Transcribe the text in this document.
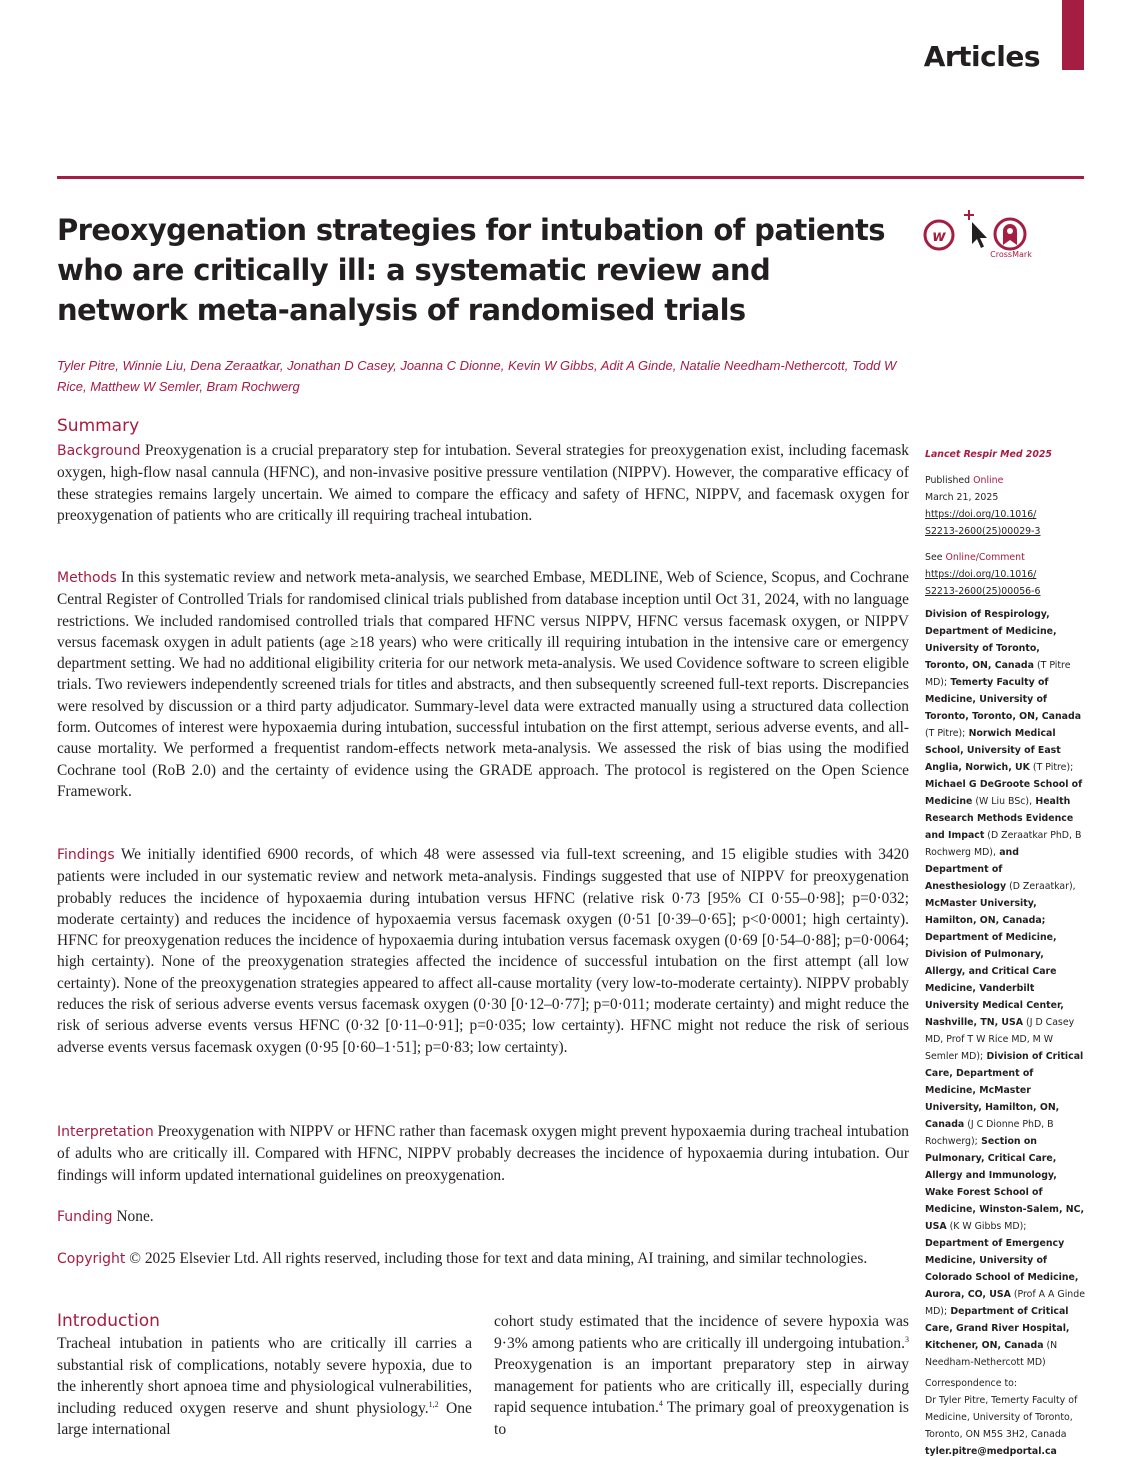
Articles
Preoxygenation strategies for intubation of patients who are critically ill: a systematic review and network meta-analysis of randomised trials
w
CrossMark

Tyler Pitre, Winnie Liu, Dena Zeraatkar, Jonathan D Casey, Joanna C Dionne, Kevin W Gibbs, Adit A Ginde, Natalie Needham-Nethercott, Todd W Rice, Matthew W Semler, Bram Rochwerg

Summary

Background Preoxygenation is a crucial preparatory step for intubation. Several strategies for preoxygenation exist, including facemask oxygen, high-flow nasal cannula (HFNC), and non-invasive positive pressure ventilation (NIPPV). However, the comparative efficacy of these strategies remains largely uncertain. We aimed to compare the efficacy and safety of HFNC, NIPPV, and facemask oxygen for preoxygenation of patients who are critically ill requiring tracheal intubation.

Methods In this systematic review and network meta-analysis, we searched Embase, MEDLINE, Web of Science, Scopus, and Cochrane Central Register of Controlled Trials for randomised clinical trials published from database inception until Oct 31, 2024, with no language restrictions. We included randomised controlled trials that compared HFNC versus NIPPV, HFNC versus facemask oxygen, or NIPPV versus facemask oxygen in adult patients (age ≥18 years) who were critically ill requiring intubation in the intensive care or emergency department setting. We had no additional eligibility criteria for our network meta-analysis. We used Covidence software to screen eligible trials. Two reviewers independently screened trials for titles and abstracts, and then subsequently screened full-text reports. Discrepancies were resolved by discussion or a third party adjudicator. Summary-level data were extracted manually using a structured data collection form. Outcomes of interest were hypoxaemia during intubation, successful intubation on the first attempt, serious adverse events, and all-cause mortality. We performed a frequentist random-effects network meta-analysis. We assessed the risk of bias using the modified Cochrane tool (RoB 2.0) and the certainty of evidence using the GRADE approach. The protocol is registered on the Open Science Framework.

Findings We initially identified 6900 records, of which 48 were assessed via full-text screening, and 15 eligible studies with 3420 patients were included in our systematic review and network meta-analysis. Findings suggested that use of NIPPV for preoxygenation probably reduces the incidence of hypoxaemia during intubation versus HFNC (relative risk 0·73 [95% CI 0·55–0·98]; p=0·032; moderate certainty) and reduces the incidence of hypoxaemia versus facemask oxygen (0·51 [0·39–0·65]; p<0·0001; high certainty). HFNC for preoxygenation reduces the incidence of hypoxaemia during intubation versus facemask oxygen (0·69 [0·54–0·88]; p=0·0064; high certainty). None of the preoxygenation strategies affected the incidence of successful intubation on the first attempt (all low certainty). None of the preoxygenation strategies appeared to affect all-cause mortality (very low-to-moderate certainty). NIPPV probably reduces the risk of serious adverse events versus facemask oxygen (0·30 [0·12–0·77]; p=0·011; moderate certainty) and might reduce the risk of serious adverse events versus HFNC (0·32 [0·11–0·91]; p=0·035; low certainty). HFNC might not reduce the risk of serious adverse events versus facemask oxygen (0·95 [0·60–1·51]; p=0·83; low certainty).

Interpretation Preoxygenation with NIPPV or HFNC rather than facemask oxygen might prevent hypoxaemia during tracheal intubation of adults who are critically ill. Compared with HFNC, NIPPV probably decreases the incidence of hypoxaemia during intubation. Our findings will inform updated international guidelines on preoxygenation.

Funding None.

Copyright © 2025 Elsevier Ltd. All rights reserved, including those for text and data mining, AI training, and similar technologies.

Introduction

Tracheal intubation in patients who are critically ill carries a substantial risk of complications, notably severe hypoxia, due to the inherently short apnoea time and physiological vulnerabilities, including reduced oxygen reserve and shunt physiology.$^{1,2}$ One large international

cohort study estimated that the incidence of severe hypoxia was 9·3% among patients who are critically ill undergoing intubation.$^3$ Preoxygenation is an important preparatory step in airway management for patients who are critically ill, especially during rapid sequence intubation.$^4$ The primary goal of preoxygenation is to

Lancet Respir Med 2025

Published Online

March 21, 2025

https://doi.org/10.1016/

S2213-2600(25)00029-3

See Online/Comment

https://doi.org/10.1016/

S2213-2600(25)00056-6

Division of Respirology, Department of Medicine, University of Toronto, Toronto, ON, Canada (T Pitre MD); Temerty Faculty of Medicine, University of Toronto, Toronto, ON, Canada (T Pitre); Norwich Medical School, University of East Anglia, Norwich, UK (T Pitre); Michael G DeGroote School of Medicine (W Liu BSc), Health Research Methods Evidence and Impact (D Zeraatkar PhD, B Rochwerg MD), and Department of Anesthesiology (D Zeraatkar), McMaster University, Hamilton, ON, Canada; Department of Medicine, Division of Pulmonary, Allergy, and Critical Care Medicine, Vanderbilt University Medical Center, Nashville, TN, USA (J D Casey MD, Prof T W Rice MD, M W Semler MD); Division of Critical Care, Department of Medicine, McMaster University, Hamilton, ON, Canada (J C Dionne PhD, B Rochwerg); Section on Pulmonary, Critical Care, Allergy and Immunology, Wake Forest School of Medicine, Winston-Salem, NC, USA (K W Gibbs MD); Department of Emergency Medicine, University of Colorado School of Medicine, Aurora, CO, USA (Prof A A Ginde MD); Department of Critical Care, Grand River Hospital, Kitchener, ON, Canada (N Needham-Nethercott MD)

Correspondence to:

Dr Tyler Pitre, Temerty Faculty of Medicine, University of Toronto, Toronto, ON M5S 3H2, Canada

tyler.pitre@medportal.ca
